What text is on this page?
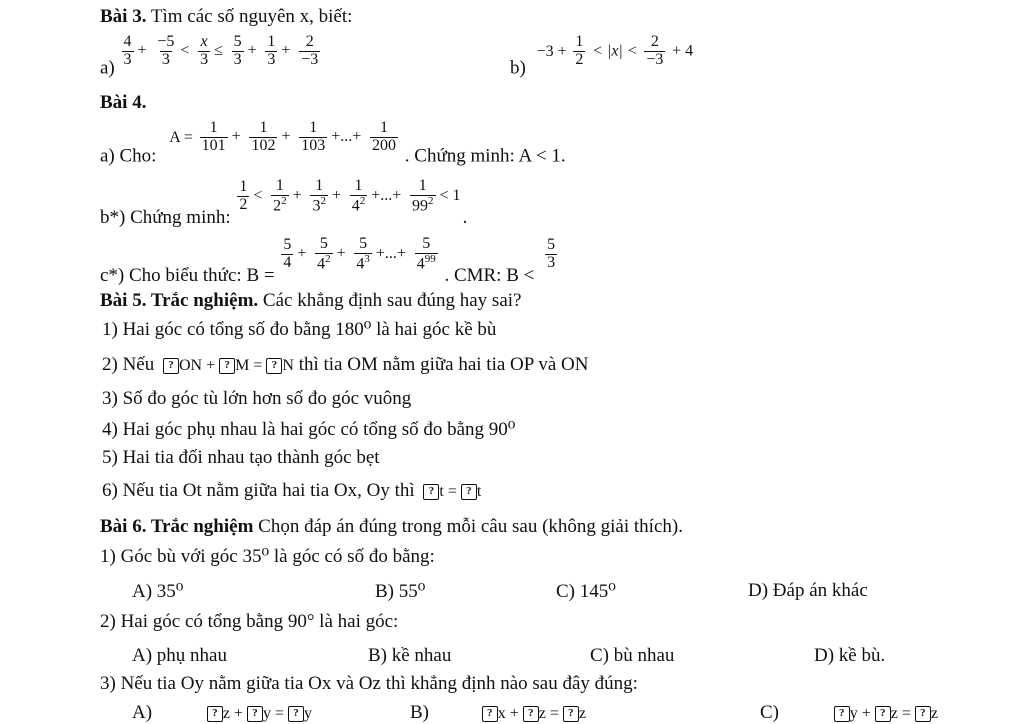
Bài 3. Tìm các số nguyên x, biết:
$a) \frac{4}{3} + \frac{-5}{3} < \frac{x}{3} \le \frac{5}{3} + \frac{1}{3} + \frac{2}{-3}$	$b) -3 + \frac{1}{2} < |x| < \frac{2}{-3} + 4$
Bài 4.
a) Cho: $A = \frac{1}{101} + \frac{1}{102} + \frac{1}{103}$ +...+ $\frac{1}{200}$
. Chứng minh: A < 1.
b*) Chứng minh:
$\frac{1}{2} < \frac{1}{2^2} + \frac{1}{3^2} + \frac{1}{4^2}$ +...+ $\frac{1}{99^2} < 1$.
c*) Cho biểu thức: B =
$\frac{5}{4} + \frac{5}{4^2} + \frac{5}{4^3}$ +...+ $\frac{5}{4^{99}}$
. CMR: B <
$\frac{5}{3}$
Bài 5. Trắc nghiệm. Các khẳng định sau đúng hay sai?
1) Hai góc có tổng số đo bằng 180⁰ là hai góc kề bù
2) Nếu ? ON + ? M = ? N thì tia OM nằm giữa hai tia OP và ON
3) Số đo góc tù lớn hơn số đo góc vuông
4) Hai góc phụ nhau là hai góc có tổng số đo bằng 90⁰
5) Hai tia đối nhau tạo thành góc bẹt
6) Nếu tia Ot nằm giữa hai tia Ox, Oy thì ? t = ? t
Bài 6. Trắc nghiệm Chọn đáp án đúng trong mỗi câu sau (không giải thích).
1) Góc bù với góc 35⁰ là góc có số đo bằng:
A) 35⁰	B) 55⁰	C) 145⁰	D) Đáp án khác
2) Hai góc có tổng bằng 90° là hai góc:
A) phụ nhau	B) kề nhau	C) bù nhau	D) kề bù.
3) Nếu tia Oy nằm giữa tia Ox và Oz thì khẳng định nào sau đây đúng:
A)	? z + ? y = ? y	B)	? x + ? z = ? z	C)	? y + ? z = ? z
